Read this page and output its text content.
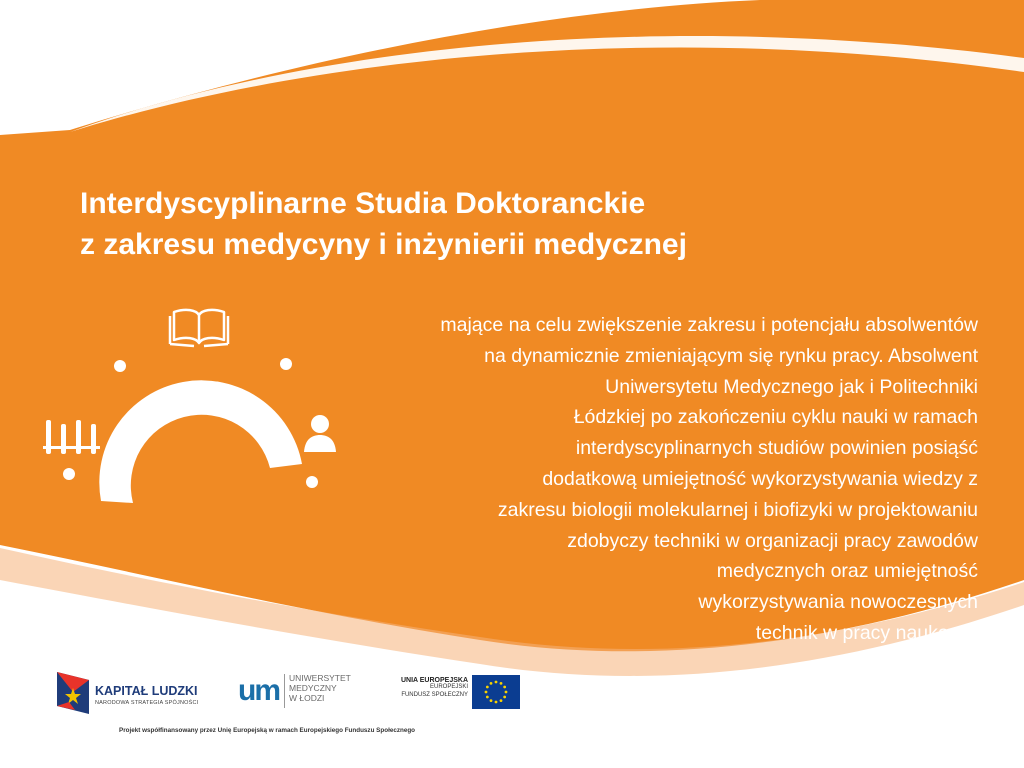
Interdyscyplinarne Studia Doktoranckie
z zakresu medycyny i inżynierii medycznej
mające na celu zwiększenie zakresu i potencjału absolwentów
na dynamicznie zmieniającym się rynku pracy. Absolwent
Uniwersytetu Medycznego jak i Politechniki
Łódzkiej po zakończeniu cyklu nauki w ramach
interdyscyplinarnych studiów powinien posiąść
dodatkową umiejętność wykorzystywania wiedzy z
zakresu biologii molekularnej i biofizyki w projektowaniu
zdobyczy techniki w organizacji pracy zawodów
medycznych oraz umiejętność
wykorzystywania nowoczesnych
technik w pracy naukowej
KAPITAŁ LUDZKI
NARODOWA STRATEGIA SPÓJNOŚCI um UNIWERSYTET
MEDYCZNY
W ŁODZI
UNIA EUROPEJSKA
EUROPEJSKI
FUNDUSZ SPOŁECZNY
Projekt współfinansowany przez Unię Europejską w ramach Europejskiego Funduszu Społecznego
